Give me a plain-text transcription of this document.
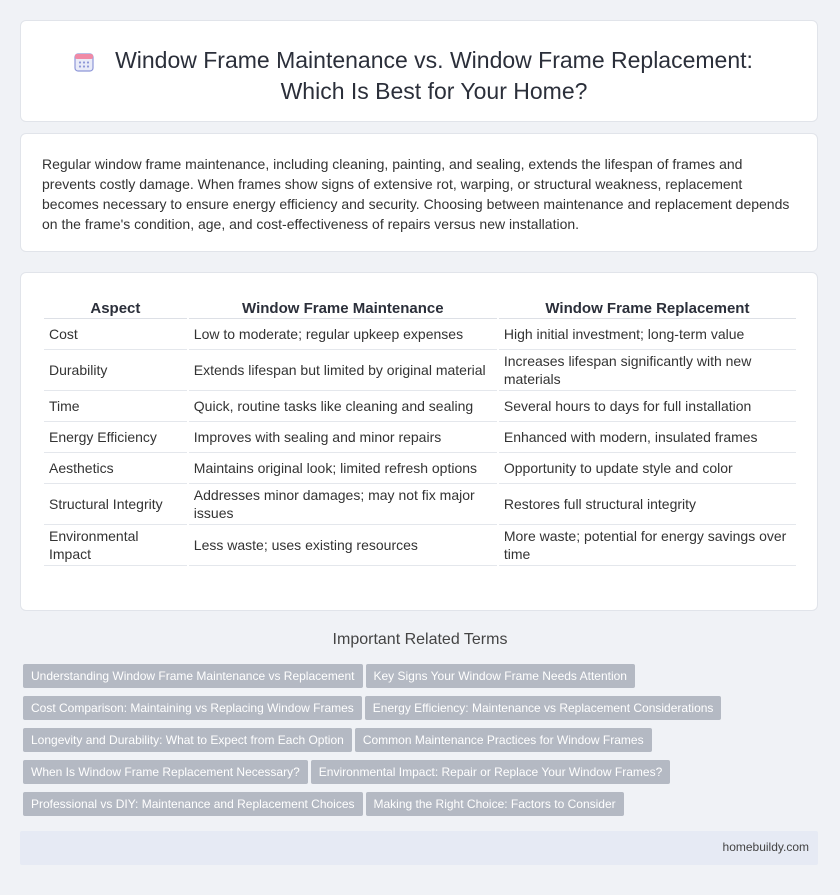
Window Frame Maintenance vs. Window Frame Replacement: Which Is Best for Your Home?
Regular window frame maintenance, including cleaning, painting, and sealing, extends the lifespan of frames and prevents costly damage. When frames show signs of extensive rot, warping, or structural weakness, replacement becomes necessary to ensure energy efficiency and security. Choosing between maintenance and replacement depends on the frame's condition, age, and cost-effectiveness of repairs versus new installation.
Aspect	Window Frame Maintenance	Window Frame Replacement
Cost	Low to moderate; regular upkeep expenses	High initial investment; long-term value
Durability	Extends lifespan but limited by original material	Increases lifespan significantly with new materials
Time	Quick, routine tasks like cleaning and sealing	Several hours to days for full installation
Energy Efficiency	Improves with sealing and minor repairs	Enhanced with modern, insulated frames
Aesthetics	Maintains original look; limited refresh options	Opportunity to update style and color
Structural Integrity	Addresses minor damages; may not fix major issues	Restores full structural integrity
Environmental Impact	Less waste; uses existing resources	More waste; potential for energy savings over time
Important Related Terms
Understanding Window Frame Maintenance vs Replacement Key Signs Your Window Frame Needs Attention
Cost Comparison: Maintaining vs Replacing Window Frames Energy Efficiency: Maintenance vs Replacement Considerations
Longevity and Durability: What to Expect from Each Option Common Maintenance Practices for Window Frames
When Is Window Frame Replacement Necessary? Environmental Impact: Repair or Replace Your Window Frames?
Professional vs DIY: Maintenance and Replacement Choices Making the Right Choice: Factors to Consider
homebuildy.com
